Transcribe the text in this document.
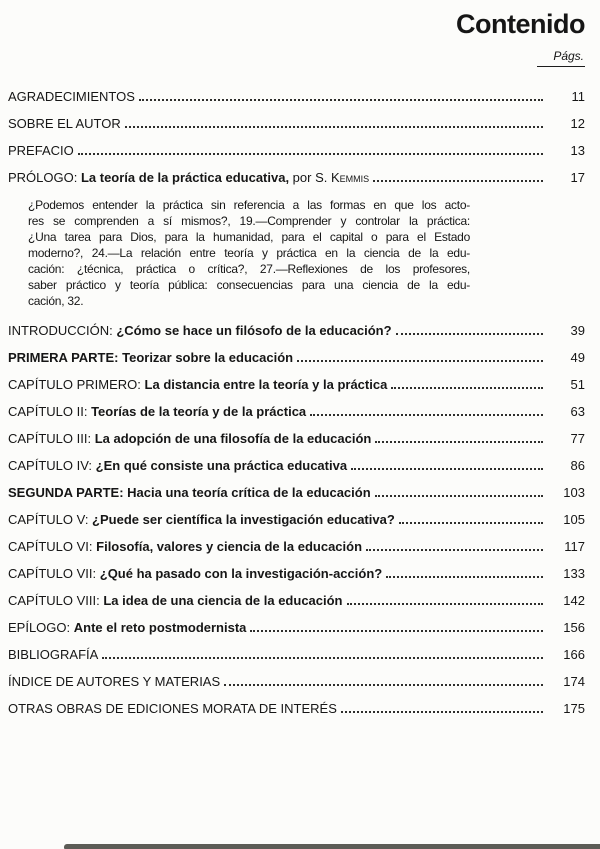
Contenido
Págs.
AGRADECIMIENTOS	11
SOBRE EL AUTOR	12
PREFACIO	13
PRÓLOGO: La teoría de la práctica educativa, por S. Kemmis	17
¿Podemos entender la práctica sin referencia a las formas en que los acto-
res se comprenden a sí mismos?, 19.—Comprender y controlar la práctica:
¿Una tarea para Dios, para la humanidad, para el capital o para el Estado
moderno?, 24.—La relación entre teoría y práctica en la ciencia de la edu-
cación: ¿técnica, práctica o crítica?, 27.—Reflexiones de los profesores,
saber práctico y teoría pública: consecuencias para una ciencia de la edu-
cación, 32.
INTRODUCCIÓN: ¿Cómo se hace un filósofo de la educación?	39
PRIMERA PARTE: Teorizar sobre la educación	49
CAPÍTULO PRIMERO: La distancia entre la teoría y la práctica	51
CAPÍTULO II: Teorías de la teoría y de la práctica	63
CAPÍTULO III: La adopción de una filosofía de la educación	77
CAPÍTULO IV: ¿En qué consiste una práctica educativa	86
SEGUNDA PARTE: Hacia una teoría crítica de la educación	103
CAPÍTULO V: ¿Puede ser científica la investigación educativa?	105
CAPÍTULO VI: Filosofía, valores y ciencia de la educación	117
CAPÍTULO VII: ¿Qué ha pasado con la investigación-acción?	133
CAPÍTULO VIII: La idea de una ciencia de la educación	142
EPÍLOGO: Ante el reto postmodernista	156
BIBLIOGRAFÍA	166
ÍNDICE DE AUTORES Y MATERIAS	174
OTRAS OBRAS DE EDICIONES MORATA DE INTERÉS	175
